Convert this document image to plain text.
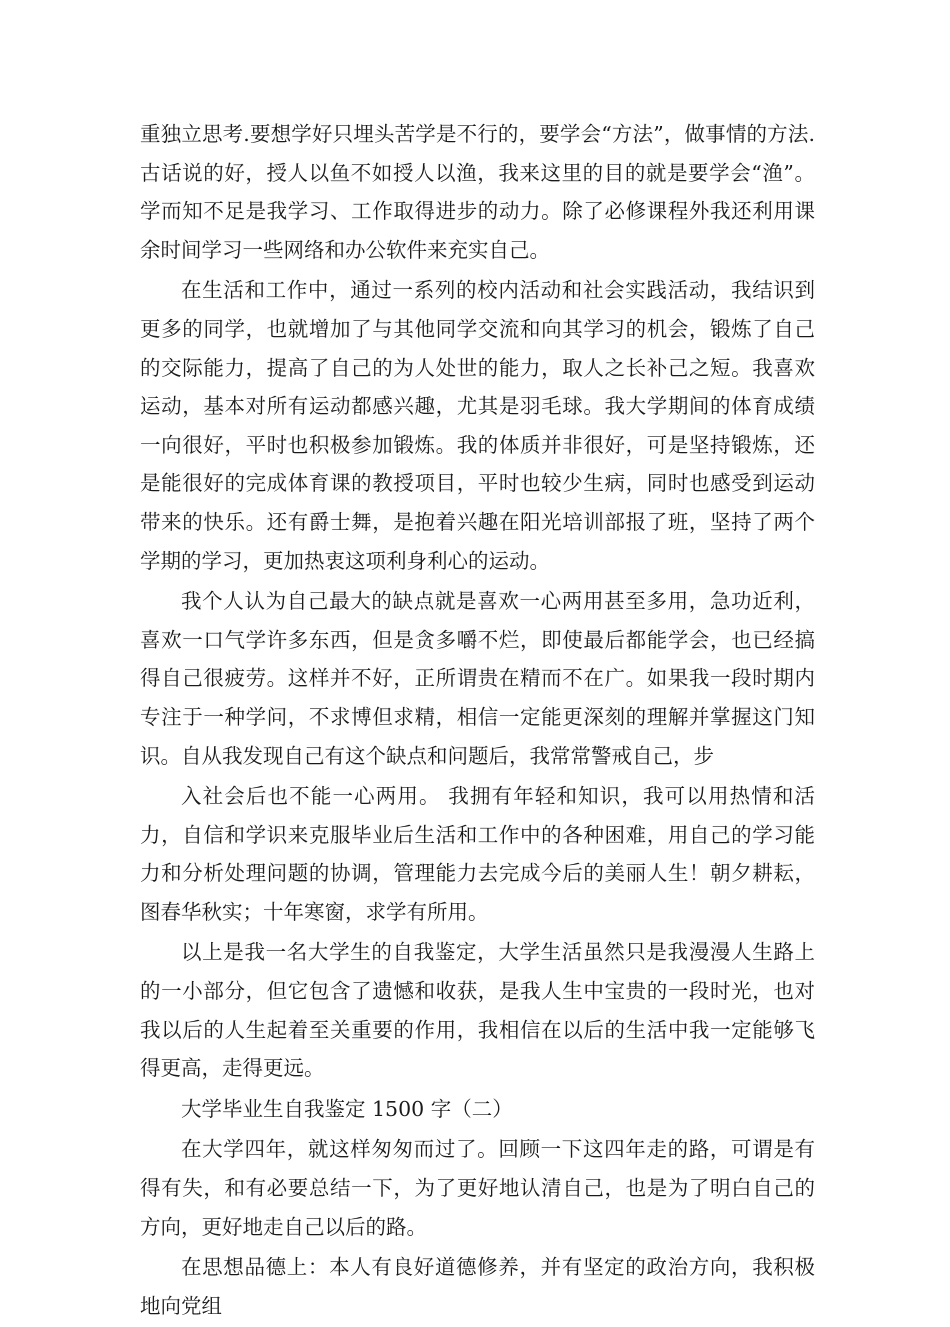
重独立思考.要想学好只埋头苦学是不行的，要学会“方法”，做事情的方法.古话说的好，授人以鱼不如授人以渔，我来这里的目的就是要学会“渔”。学而知不足是我学习、工作取得进步的动力。除了必修课程外我还利用课余时间学习一些网络和办公软件来充实自己。

在生活和工作中，通过一系列的校内活动和社会实践活动，我结识到更多的同学，也就增加了与其他同学交流和向其学习的机会，锻炼了自己的交际能力，提高了自己的为人处世的能力，取人之长补己之短。我喜欢运动，基本对所有运动都感兴趣，尤其是羽毛球。我大学期间的体育成绩一向很好，平时也积极参加锻炼。我的体质并非很好，可是坚持锻炼，还是能很好的完成体育课的教授项目，平时也较少生病，同时也感受到运动带来的快乐。还有爵士舞，是抱着兴趣在阳光培训部报了班，坚持了两个学期的学习，更加热衷这项利身利心的运动。

我个人认为自己最大的缺点就是喜欢一心两用甚至多用，急功近利，喜欢一口气学许多东西，但是贪多嚼不烂，即使最后都能学会，也已经搞得自己很疲劳。这样并不好，正所谓贵在精而不在广。如果我一段时期内专注于一种学问，不求博但求精，相信一定能更深刻的理解并掌握这门知识。自从我发现自己有这个缺点和问题后，我常常警戒自己，步

入社会后也不能一心两用。 我拥有年轻和知识，我可以用热情和活力，自信和学识来克服毕业后生活和工作中的各种困难，用自己的学习能力和分析处理问题的协调，管理能力去完成今后的美丽人生！朝夕耕耘，图春华秋实；十年寒窗，求学有所用。

以上是我一名大学生的自我鉴定，大学生活虽然只是我漫漫人生路上的一小部分，但它包含了遗憾和收获，是我人生中宝贵的一段时光，也对我以后的人生起着至关重要的作用，我相信在以后的生活中我一定能够飞得更高，走得更远。

大学毕业生自我鉴定 1500 字（二）

在大学四年，就这样匆匆而过了。回顾一下这四年走的路，可谓是有得有失，和有必要总结一下，为了更好地认清自己，也是为了明白自己的方向，更好地走自己以后的路。

在思想品德上：本人有良好道德修养，并有坚定的政治方向，我积极地向党组
